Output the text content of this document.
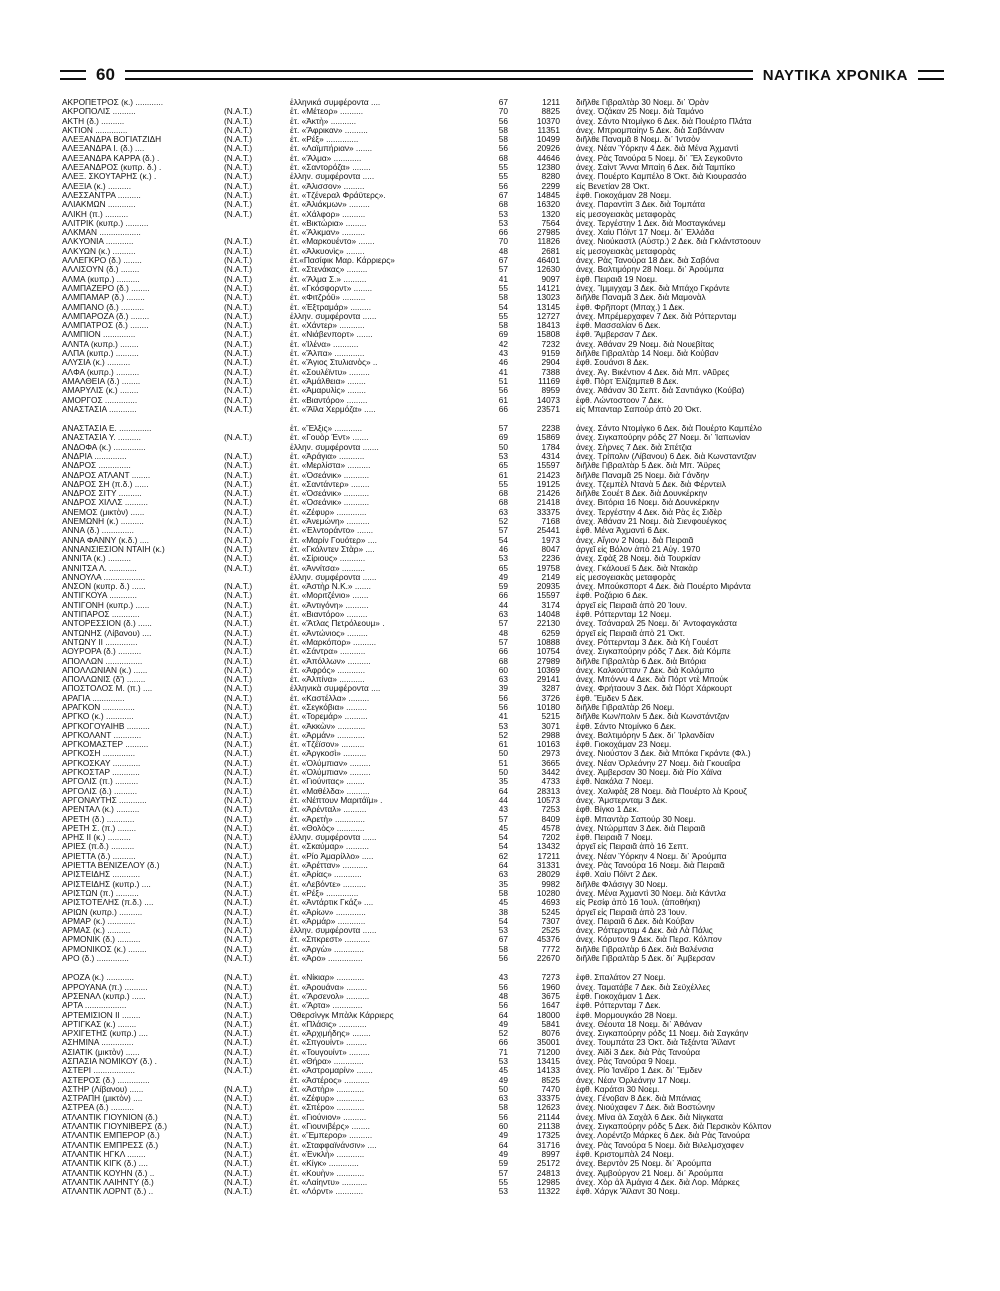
60	ΝΑΥΤΙΚΑ ΧΡΟΝΙΚΑ
ΑΚΡΟΠΕΤΡΟΣ (κ.) ............	ἑλληνικά συμφέροντα ....	67	1211	διῆλθε Γιβραλτὰρ 30 Νοεμ. δι᾽ Ὀρὰν
ΑΚΡΟΠΟΛΙΣ ..........	(Ν.Α.Τ.)	ἐτ. «Μέτεορ» ..........	70	8825	ἀνεχ. Ὀζάκαν 25 Νοεμ. διὰ Ταμάνο
ΑΚΤΗ (δ.) ..........	(Ν.Α.Τ.)	ἐτ. «Ἀκτὴ» ...........	56	10370	ἀνεχ. Σάντο Ντομίγκο 6 Δεκ. διὰ Πουέρτο Πλάτα
ΑΚΤΙΟΝ ..............	(Ν.Α.Τ.)	ἐτ. «Ἄφρικαν» ..........	58	11351	ἀνεχ. Μπριομπαίην 5 Δεκ. διὰ Σαβάνναν
ΑΛΕΞΑΝΔΡΑ ΒΟΓΙΑΤΖΙΔΗ	(Ν.Α.Τ.)	ἐτ. «Ρέξ» ..............	58	10499	διῆλθε Παναμᾶ 8 Νοεμ. δι᾽ Ἰντσὸν
ΑΛΕΞΑΝΔΡΑ Ι. (δ.) ....	(Ν.Α.Τ.)	ἐτ. «Λαϊμπήριαν» .......	56	20926	ἀνεχ. Νέαν Ὑόρκην 4 Δεκ. διὰ Μένα Ἀχμαντὶ
ΑΛΕΞΑΝΔΡΑ ΚΑΡΡΑ (δ.) .	(Ν.Α.Τ.)	ἐτ. «Ἄλμα» ............	68	44646	ἀνεχ. Ρὰς Τανούρα 5 Νοεμ. δι᾽ Ἔλ Σεγκοῦντο
ΑΛΕΞΑΝΔΡΟΣ (κυπρ. δ.) .	(Ν.Α.Τ.)	ἐτ. «Σαντορόζα» ........	55	12380	ἀνεχ. Σαὶντ Ἄννα Μπαὶη 6 Δεκ. διὰ Ταμπίκο
ΑΛΕΞ. ΣΚΟΥΤΑΡΗΣ (κ.) .	(Ν.Α.Τ.)	ἑλλην. συμφέροντα .....	55	8280	ἀνεχ. Πουέρτο Καμπέλο 8 Ὀκτ. διὰ Κιουρασάο
ΑΛΕΞΙΑ (κ.) ..........	(Ν.Α.Τ.)	ἐτ. «Ἀλισσον» .........	56	2299	εἰς Βενετίαν 28 Ὀκτ.
ΑΛΕΣΣΑΝΤΡΑ ..........	(Ν.Α.Τ.)	ἐτ. «Τζένεραλ Φράϋτερς».	67	14845	ἐφθ. Γιοκοχάμαν 28 Νοεμ.
ΑΛΙΑΚΜΩΝ ............	(Ν.Α.Τ.)	ἐτ. «Ἀλιάκμων» .........	68	16320	ἀνεχ. Παραντὶπ 3 Δεκ. διὰ Τομπάτα
ΑΛΙΚΗ (π.) ..........	(Ν.Α.Τ.)	ἐτ. «Χάλφορ» ..........	53	1320	εἰς μεσογειακὰς μεταφορὰς
ΑΛΙΤΡΙΚ (κυπρ.) ..........	ἐτ. «Βικτώρια» .........	53	7564	ἀνεχ. Τεργέστην 1 Δεκ. διὰ Μοσταγκάνεμ
ΑΛΚΜΑΝ ..................	ἐτ. «Ἄλκμαν» ..........	66	27985	ἀνεχ. Χαὶυ Πόϊντ 17 Νοεμ. δι᾽ Ἑλλάδα
ΑΛΚΥΟΝΙΑ ............	(Ν.Α.Τ.)	ἐτ. «Μαρκουέντο» .......	70	11826	ἀνεχ. Νιούκαστλ (Αὐστρ.) 2 Δεκ. διὰ Γκλάντστοουν
ΑΛΚΥΩΝ (κ.) ..........	(Ν.Α.Τ.)	ἐτ. «Ἀλκυονὶς» ........	48	2681	εἰς μεσογειακὰς μεταφορὰς
ΑΛΛΕΓΚΡΟ (δ.) ........	(Ν.Α.Τ.)	ἐτ.«Πασίφικ Μαρ. Κάρριερς»	67	46401	ἀνεχ. Ρὰς Τανούρα 18 Δεκ. διὰ Σαβόνα
ΑΛΛΙΣΟΥΝ (δ.) ........	(Ν.Α.Τ.)	ἐτ. «Στενάκας» .........	57	12630	ἀνεχ. Βαλτιμόρην 28 Νοεμ. δι᾽ Ἀρούμπα
ΑΛΜΑ (κυπρ.) ..........	(Ν.Α.Τ.)	ἐτ. «Ἄλμα Σ.» ..........	41	9097	ἐφθ. Πειραιᾶ 19 Νοεμ.
ΑΛΜΠΑΖΕΡΟ (δ.) ........	(Ν.Α.Τ.)	ἐτ. «Γκόσφορντ» ........	55	14121	ἀνεχ. Ἴμμιγχαμ 3 Δεκ. διὰ Μπάχο Γκράντε
ΑΛΜΠΑΜΑΡ (δ.) ........	(Ν.Α.Τ.)	ἐτ. «Φιτζρόϋ» ..........	58	13023	διῆλθε Παναμᾶ 3 Δεκ. διὰ Μαμονὰλ
ΑΛΜΠΑΝΟ (δ.) ..........	(Ν.Α.Τ.)	ἐτ. «Ἐξτραμάρ» .........	54	13145	ἐφθ. Φρῆπορτ (Μπαχ.) 1 Δεκ.
ΑΛΜΠΑΡΟΖΑ (δ.) ........	(Ν.Α.Τ.)	ἑλλην. συμφέροντα ......	55	12727	ἀνεχ. Μπρέμερχαφεν 7 Δεκ. διὰ Ρόττερνταμ
ΑΛΜΠΑΤΡΟΣ (δ.) ........	(Ν.Α.Τ.)	ἐτ. «Χάντερ» ...........	58	18413	ἐφθ. Μασσαλίαν 6 Δεκ.
ΑΛΜΠΙΟΝ ..............	(Ν.Α.Τ.)	ἐτ. «Νιάβενπορτ» .......	69	15808	ἐφθ. Ἄμβερσαν 7 Δεκ.
ΑΛΝΤΑ (κυπρ.) ........	(Ν.Α.Τ.)	ἐτ. «Ἰλένα» ...........	42	7232	ἀνεχ. Ἀθάναν 29 Νοεμ. διὰ Νουεβίτας
ΑΛΠΑ (κυπρ.) ..........	(Ν.Α.Τ.)	ἐτ. «Ἄλπα» .............	43	9159	διῆλθε Γιβραλτὰρ 14 Νοεμ. διὰ Κούβαν
ΑΛΥΣΙΑ (κ.) ..........	(Ν.Α.Τ.)	ἐτ. «Ἅγιος Στυλιανὸς» ..	46	2904	ἐφθ. Σουάνσι 8 Δεκ.
ΑΛΦΑ (κυπρ.) ..........	(Ν.Α.Τ.)	ἐτ. «Σουλέϊντυ» .........	41	7388	ἀνεχ. Ἁγ. Βικέντιον 4 Δεκ. διὰ Μπ. νΑῦρες
ΑΜΑΛΘΕΙΑ (δ.) ........	(Ν.Α.Τ.)	ἐτ. «Ἀμάλθεια» ........	51	11169	ἐφθ. Πὸρτ Ἐλίζαμπεθ 8 Δεκ.
ΑΜΑΡΥΛΙΣ (κ.) ........	(Ν.Α.Τ.)	ἐτ. «Ἀμαρυλὶς» ........	56	8959	ἀνεχ. Ἀθάναν 30 Σεπτ. διὰ Σαντιάγκο (Κούβα)
ΑΜΟΡΓΟΣ ..............	(Ν.Α.Τ.)	ἐτ. «Βιαντόρο» .........	61	14073	ἐφθ. Λώντοστοον 7 Δεκ.
ΑΝΑΣΤΑΣΙΑ ............	(Ν.Α.Τ.)	ἐτ. «Ἄϊλα Χερμόζα» .....	66	23571	εἰς Μπανταρ Σαπούρ ἀπὸ 20 Ὀκτ.
ΑΝΑΣΤΑΣΙΑ Ε. ..............	ἐτ. «Ἔλξις» ............	57	2238	ἀνεχ. Σάντο Ντομίγκο 6 Δεκ. διὰ Πουέρτο Καμπέλο
ΑΝΑΣΤΑΣΙΑ Υ. ..........	(Ν.Α.Τ.)	ἐτ. «Γουὸρ Έντ» .......	69	15869	ἀνεχ. Σιγκαπούρην ρόδς 27 Νοεμ. δι᾽ Ἰαπωνίαν
ΑΝΔΟΦΑ (κ.) ..............	ἑλλην. συμφέροντα .......	50	1784	ἀνεχ. Σὴρνες 7 Δεκ. διὰ Σπέτζια
ΑΝΔΡΙΑ ..............	(Ν.Α.Τ.)	ἐτ. «Ἀράγια» ...........	53	4314	ἀνεχ. Τρίπολιν (Λίβανου) 6 Δεκ. διὰ Κωνσταντζαν
ΑΝΔΡΟΣ ..............	(Ν.Α.Τ.)	ἐτ. «Μερλίστα» ..........	65	15597	διῆλθε Γιβραλτὰρ 5 Δεκ. διὰ Μπ. Ἄϋρες
ΑΝΔΡΟΣ ΑΤΛΑΝΤ ........	(Ν.Α.Τ.)	ἐτ. «Ὀσεάνικ» ...........	61	21423	διῆλθε Παναμᾶ 25 Νοεμ. διὰ Γάνδην
ΑΝΔΡΟΣ ΣΗ (π.δ.) ......	(Ν.Α.Τ.)	ἐτ. «Σαντάντερ» ........	55	19125	ἀνεχ. Τζεμπὲλ Ντανὰ 5 Δεκ. διὰ Φέρντειλ
ΑΝΔΡΟΣ ΣΙΤΥ ..........	(Ν.Α.Τ.)	ἐτ. «Ὀσεάνικ» ...........	68	21426	διῆλθε Σουέτ 8 Δεκ. διὰ Δουνκέρκην
ΑΝΔΡΟΣ ΧΙΛΛΣ ..........	(Ν.Α.Τ.)	ἐτ. «Ὀσεάνικ» ...........	68	21418	ἀνεχ. Βιτόρια 16 Νοεμ. διὰ Δουνκέρκην
ΑΝΕΜΟΣ (μικτὸν) ......	(Ν.Α.Τ.)	ἐτ. «Ζέφυρ» .............	63	33375	ἀνεχ. Τεργέστην 4 Δεκ. διὰ Ρὰς ἐς Σιδὲρ
ΑΝΕΜΩΝΗ (κ.) ..........	(Ν.Α.Τ.)	ἐτ. «Ἀνεμώνη» ..........	52	7168	ἀνεχ. Ἀθάναν 21 Νοεμ. διὰ Σιενφουέγκος
ΑΝΝΑ (δ.) ..............	(Ν.Α.Τ.)	ἐτ. «Ἐλντοράντο» .......	57	25441	ἐφθ. Μένα Ἀχμαντὶ 6 Δεκ.
ΑΝΝΑ ΦΑΝΝΥ (κ.δ.) ....	(Ν.Α.Τ.)	ἐτ. «Μαρίν Γουότερ» ....	54	1973	ἀνεχ. Αἴγιον 2 Νοεμ. διὰ Πειραιᾶ
ΑΝΝΑΝΣΙΕΣΙΟΝ ΝΤΑΙΗ (κ.)	(Ν.Α.Τ.)	ἐτ. «Γκόλντεν Στὰρ» ....	46	8047	ἀργεῖ εἰς Βόλον ἀπὸ 21 Αὐγ. 1970
ΑΝΝΙΤΑ (κ.) ..........	(Ν.Α.Τ.)	ἐτ. «Σίριους» ...........	53	2236	ἀνεχ. Σφὰξ 28 Νοεμ. διὰ Τουρκίαν
ΑΝΝΙΤΣΑ Λ. ............	(Ν.Α.Τ.)	ἐτ. «Ἀννίτσα» ..........	65	19758	ἀνεχ. Γκάλουεϊ 5 Δεκ. διὰ Ντακὰρ
ΑΝΝΟΥΛΑ ..................	ἑλλην. συμφέροντα ......	49	2149	εἰς μεσογειακὰς μεταφορὰς
ΑΝΣΟΝ (κυπρ. δ.) ......	(Ν.Α.Τ.)	ἐτ. «Ἀστὴρ Ν.Κ.» .......	59	20935	ἀνεχ. Μπούκσπορτ 4 Δεκ. διὰ Πουέρτο Μιράντα
ΑΝΤΙΓΚΟΥΑ ............	(Ν.Α.Τ.)	ἐτ. «Μοριτζένιο» .......	66	15597	ἐφθ. Ροζάριο 6 Δεκ.
ΑΝΤΙΓΟΝΗ (κυπρ.) ......	(Ν.Α.Τ.)	ἐτ. «Ἀντιγόνη» ..........	44	3174	ἀργεῖ εἰς Πειραιᾶ ἀπὸ 20 Ἰουν.
ΑΝΤΙΠΑΡΟΣ ............	(Ν.Α.Τ.)	ἐτ. «Βιαντόρο» .........	63	14048	ἐφθ. Ρόττερνταμ 12 Νοεμ.
ΑΝΤΟΡΕΣΣΙΟΝ (δ.) ......	(Ν.Α.Τ.)	ἐτ. «Ἄτλας Πετρόλεουμ» .	57	22130	ἀνεχ. Τσάναραλ 25 Νοεμ. δι᾽ Ἀντοφαγκάστα
ΑΝΤΩΝΗΣ (Λίβανου) ....	(Ν.Α.Τ.)	ἐτ. «Ἀντώνιος» .........	48	6259	ἀργεῖ εἰς Πειραιᾶ ἀπὸ 21 Ὀκτ.
ΑΝΤΩΝΥ ΙΙ ..............	(Ν.Α.Τ.)	ἐτ. «Μαρκόπορ» ..........	57	10888	ἀνεχ. Ρόττερνταμ 3 Δεκ. διὰ Κὴ Γουέστ
ΑΟΥΡΟΡΑ (δ.) ..........	(Ν.Α.Τ.)	ἐτ. «Σάντρα» ...........	66	10754	ἀνεχ. Σιγκαπούρην ρόδς 7 Δεκ. διὰ Κόμπε
ΑΠΟΛΛΩΝ ................	(Ν.Α.Τ.)	ἐτ. «Ἀπόλλων» ..........	68	27989	διῆλθε Γιβραλτὰρ 6 Δεκ. διὰ Βιτόρια
ΑΠΟΛΛΩΝΙΑΝ (κ.) ......	(Ν.Α.Τ.)	ἐτ. «Ἀφρός» ............	60	10369	ἀνεχ. Καλκούτταν 7 Δεκ. διὰ Κολόμπο
ΑΠΟΛΛΩΝΙΣ (δ') ........	(Ν.Α.Τ.)	ἐτ. «Ἀλπίνα» ...........	63	29141	ἀνεχ. Μπόννυ 4 Δεκ. διὰ Πόρτ ντὲ Μπούκ
ΑΠΟΣΤΟΛΟΣ Μ. (π.) ....	(Ν.Α.Τ.)	ἑλληνικὰ συμφέροντα ....	39	3287	ἀνεχ. Φρήταουν 3 Δεκ. διὰ Πόρτ Χάρκουρτ
ΑΡΑΓΙΑ ..............	(Ν.Α.Τ.)	ἐτ. «Καστέλλα» .........	56	3726	ἐφθ. Ἔμδεν 5 Δεκ.
ΑΡΑΓΚΟΝ ..............	(Ν.Α.Τ.)	ἐτ. «Σεγκόβια» .........	56	10180	διῆλθε Γιβραλτὰρ 26 Νοεμ.
ΑΡΓΚΟ (κ.) ............	(Ν.Α.Τ.)	ἐτ. «Τορεμάρ» ..........	41	5215	διῆλθε Κων/πολιν 5 Δεκ. διὰ Κωνστάντζαν
ΑΡΓΚΟΓΟΥΑΙΗΒ ..........	(Ν.Α.Τ.)	ἐτ. «Ἀκκὼν» ............	53	3071	ἐφθ. Σάντο Ντομίνκο 6 Δεκ.
ΑΡΓΚΟΛΑΝΤ ............	(Ν.Α.Τ.)	ἐτ. «Ἀρμάν» ............	52	2988	ἀνεχ. Βαλτιμόρην 5 Δεκ. δι᾽ Ἰρλανδίαν
ΑΡΓΚΟΜΑΣΤΕΡ ..........	(Ν.Α.Τ.)	ἐτ. «Τζέϊσον» ..........	61	10163	ἐφθ. Γιοκοχάμαν 23 Νοεμ.
ΑΡΓΚΟΣΗ ..............	(Ν.Α.Τ.)	ἐτ. «Ἀργκοσὶ» ..........	50	2973	ἀνεχ. Νιούστον 3 Δεκ. διὰ Μπόκα Γκράντε (Φλ.)
ΑΡΓΚΟΣΚΑΥ ............	(Ν.Α.Τ.)	ἐτ. «Ὀλύμπιαν» .........	51	3665	ἀνεχ. Νέαν Ὀρλεάνην 27 Νοεμ. διὰ Γκουαΐρα
ΑΡΓΚΟΣΤΑΡ ............	(Ν.Α.Τ.)	ἐτ. «Ὀλύμπιαν» .........	50	3442	ἀνεχ. Ἀμβερσαν 30 Νοεμ. διὰ Ρίο Χάϊνα
ΑΡΓΟΛΙΣ (π.) ..........	(Ν.Α.Τ.)	ἐτ. «Γιούνιτας» ........	35	4733	ἐφθ. Νακάλα 7 Νοεμ.
ΑΡΓΟΛΙΣ (δ.) ..........	(Ν.Α.Τ.)	ἐτ. «Μαθέλδα» ..........	64	28313	ἀνεχ. Χαλιφὰξ 28 Νοεμ. διὰ Πουέρτο λὰ Κρουζ
ΑΡΓΟΝΑΥΤΗΣ ............	(Ν.Α.Τ.)	ἐτ. «Νέπτουν Μαριτάϊμ» .	44	10573	ἀνεχ. Ἄμστερνταμ 3 Δεκ.
ΑΡΕΝΤΑΛ (κ.) ..........	(Ν.Α.Τ.)	ἐτ. «Ἀρένταλ» ..........	43	7253	ἐφθ. Βίγκο 1 Δεκ.
ΑΡΕΤΗ (δ.) ............	(Ν.Α.Τ.)	ἐτ. «Ἀρετὴ» .............	57	8409	ἐφθ. Μπαντὰρ Σαπούρ 30 Νοεμ.
ΑΡΕΤΗ Σ. (π.) ........	(Ν.Α.Τ.)	ἐτ. «Θολὸς» ............	45	4578	ἀνεχ. Ντώρμπαν 3 Δεκ. διὰ Πειραιᾶ
ΑΡΗΣ ΙΙ (κ.) ..........	(Ν.Α.Τ.)	ἑλλην. συμφέροντα ......	54	7202	ἐφθ. Πειραιᾶ 7 Νοεμ.
ΑΡΙΕΣ (π.δ.) ..........	(Ν.Α.Τ.)	ἐτ. «Σκαύμαρ» ..........	54	13432	ἀργεῖ εἰς Πειραιᾶ ἀπὸ 16 Σεπτ.
ΑΡΙΕΤΤΑ (δ.) ..........	(Ν.Α.Τ.)	ἐτ. «Ρίο Ἀμαρίλλο» .....	62	17211	ἀνεχ. Νέαν Ὑόρκην 4 Νοεμ. δι᾽ Ἀρούμπα
ΑΡΙΕΤΤΑ ΒΕΝΙΖΕΛΟΥ (δ.)	(Ν.Α.Τ.)	ἐτ. «Ἀρέτταν» ...........	64	31331	ἀνεχ. Ρὰς Τανούρα 16 Νοεμ. διὰ Πειραιᾶ
ΑΡΙΣΤΕΙΔΗΣ ............	(Ν.Α.Τ.)	ἐτ. «Ἀρίας» ............	63	28029	ἐφθ. Χαὶυ Πόϊντ 2 Δεκ.
ΑΡΙΣΤΕΙΔΗΣ (κυπρ.) ....	(Ν.Α.Τ.)	ἐτ. «Λεβόντε» ..........	35	9982	διῆλθε Φλάσιγγ 30 Νοεμ.
ΑΡΙΣΤΩΝ (π.) ..........	(Ν.Α.Τ.)	ἐτ. «Ρέξ» ..............	58	10280	ἀνεχ. Μένα Ἀχμαντὶ 30 Νοεμ. διὰ Κάντλα
ΑΡΙΣΤΟΤΕΛΗΣ (π.δ.) ....	(Ν.Α.Τ.)	ἐτ. «Ἀντάρτικ Γκάζ» ....	45	4693	εἰς Ρεσίφ ἀπὸ 16 Ἰουλ. (ἀποθήκη)
ΑΡΙΩΝ (κυπρ.) ..........	(Ν.Α.Τ.)	ἐτ. «Ἀρίων» .............	38	5245	ἀργεῖ εἰς Πειραιᾶ ἀπὸ 23 Ἰουν.
ΑΡΜΑΡ (κ.) ............	(Ν.Α.Τ.)	ἐτ. «Ἀρμάρ» ............	54	7307	ἀνεχ. Πειραιᾶ 6 Δεκ. διὰ Κούβαν
ΑΡΜΑΣ (κ.) ..........	(Ν.Α.Τ.)	ἑλλην. συμφέροντα ......	53	2525	ἀνεχ. Ρόττερνταμ 4 Δεκ. διὰ Λὰ Πάλις
ΑΡΜΟΝΙΚ (δ.) ..........	(Ν.Α.Τ.)	ἐτ. «Σπκρεστ» ...........	67	45376	ἀνεχ. Κόρυτον 9 Δεκ. διὰ Περσ. Κόλπον
ΑΡΜΟΝΙΚΟΣ (κ.) ........	(Ν.Α.Τ.)	ἐτ. «Ἀργὼ» .............	58	7772	διῆλθε Γιβραλτὰρ 6 Δεκ. διὰ Βαλένσια
ΑΡΟ (δ.) ..............	(Ν.Α.Τ.)	ἐτ. «Ἀρο» ...............	56	22670	διῆλθε Γιβραλτὰρ 5 Δεκ. δι᾽ Ἀμβερσαν
ΑΡΟΖΑ (κ.) ............	(Ν.Α.Τ.)	ἐτ. «Νίκιαρ» ............	43	7273	ἐφθ. Σπαλάτον 27 Νοεμ.
ΑΡΡΟΥΑΝΑ (π.) ..........	(Ν.Α.Τ.)	ἐτ. «Ἀρουάνα» .........	56	1960	ἀνεχ. Ταματάβε 7 Δεκ. διὰ Σεϋχέλλες
ΑΡΣΕΝΑΛ (κυπρ.) ......	(Ν.Α.Τ.)	ἐτ. «Ἄρσενολ» ..........	48	3675	ἐφθ. Γιοκοχάμαν 1 Δεκ.
ΑΡΤΑ ..................	(Ν.Α.Τ.)	ἐτ. «Ἄρτα» .............	56	1647	ἐφθ. Ρόττερνταμ 7 Δεκ.
ΑΡΤΕΜΙΣΙΟΝ ΙΙ ........	(Ν.Α.Τ.)	Ὀθερσὶνγκ Μπὰλκ Κάρριερς	64	18000	ἐφθ. Μορμουγκάο 28 Νοεμ.
ΑΡΤΙΓΚΑΣ (κ.) ........	(Ν.Α.Τ.)	ἐτ. «Πλάσις» ............	49	5841	ἀνεχ. Θέουτα 18 Νοεμ. δι᾽ Ἀθάναν
ΑΡΧΙΓΕΤΗΣ (κυπρ.) ....	(Ν.Α.Τ.)	ἐτ. «Ἀρχιμήδης» ........	52	8076	ἀνεχ. Σιγκαπούρην ρόδς 11 Νοεμ. διὰ Σαγκάην
ΑΣΗΜΙΝΑ ..............	(Ν.Α.Τ.)	ἐτ. «Σπγουίντ» .........	66	35001	ἀνεχ. Τουμπάτα 23 Ὀκτ. διὰ Τεξάντα Ἄϊλαντ
ΑΣΙΑΤΙΚ (μικτὸν) ......	(Ν.Α.Τ.)	ἐτ. «Τουγουίντ» .........	71	71200	ἀνεχ. Ἀϊδὶ 3 Δεκ. διὰ Ρὰς Τανούρα
ΑΣΠΑΣΙΑ ΝΟΜΙΚΟΥ (δ.) .	(Ν.Α.Τ.)	ἐτ. «Θήρα» .............	53	13415	ἀνεχ. Ρὰς Τανούρα 9 Νοεμ.
ΑΣΤΕΡΙ ..................	(Ν.Α.Τ.)	ἐτ. «Ἀστρομαρίν» .......	45	14133	ἀνεχ. Ρίο Ἰανέϊρο 1 Δεκ. δι᾽ Ἔμδεν
ΑΣΤΕΡΟΣ (δ.) ..............	ἐτ. «Ἀστέρος» ...........	49	8525	ἀνεχ. Νέαν Ὀρλεάνην 17 Νοεμ.
ΑΣΤΗΡ (Λίβανου) ......	(Ν.Α.Τ.)	ἐτ. «Ἀστὴρ» ............	50	7470	ἐφθ. Καράτσι 30 Νοεμ.
ΑΣΤΡΑΠΗ (μικτὸν) ....	(Ν.Α.Τ.)	ἐτ. «Ζέφυρ» ............	63	33375	ἀνεχ. Γένοβαν 8 Δεκ. διὰ Μπάνιας
ΑΣΤΡΕΑ (δ.) ..........	(Ν.Α.Τ.)	ἐτ. «Σπέρο» ............	58	12623	ἀνεχ. Νιούχαφεν 7 Δεκ. διὰ Βοστώνην
ΑΤΛΑΝΤΙΚ ΓΙΟΥΝΙΟΝ (δ.)	(Ν.Α.Τ.)	ἐτ. «Γιούνιον» ..........	56	21144	ἀνεχ. Μίνα ἀλ Σαχὰλ 6 Δεκ. διὰ Νίιγκατα
ΑΤΛΑΝΤΙΚ ΓΙΟΥΝΙΒΕΡΣ (δ.)	(Ν.Α.Τ.)	ἐτ. «Γιουνιβέρς» ........	60	21138	ἀνεχ. Σιγκαπούρην ρόδς 5 Δεκ. διὰ Περσικὸν Κόλπον
ΑΤΛΑΝΤΙΚ ΕΜΠΕΡΟΡ (δ.)	(Ν.Α.Τ.)	ἐτ. «Ἔμπερορ» ..........	49	17325	ἀνεχ. Λορέντζο Μάρκες 6 Δεκ. διὰ Ρὰς Τανούρα
ΑΤΛΑΝΤΙΚ ΕΜΠΡΕΣΣ (δ.)	(Ν.Α.Τ.)	ἐτ. «Σταφφαϊνάνσιν» ....	64	31716	ἀνεχ. Ρὰς Τανούρα 5 Νοεμ. διὰ Βιλελμσχαφεν
ΑΤΛΑΝΤΙΚ ΗΓΚΛ ........	(Ν.Α.Τ.)	ἐτ. «Ἐνκλὴ» ............	49	8997	ἐφθ. Κριστομπὰλ 24 Νοεμ.
ΑΤΛΑΝΤΙΚ ΚΙΓΚ (δ.) ....	(Ν.Α.Τ.)	ἐτ. «Κίγκ» .............	59	25172	ἀνεχ. Βερντὸν 25 Νοεμ. δι᾽ Ἀρούμπα
ΑΤΛΑΝΤΙΚ ΚΟΥΗΝ (δ.) ..	(Ν.Α.Τ.)	ἐτ. «Κουὴν» ............	57	24813	ἀνεχ. Ἀμβούργον 21 Νοεμ. δι᾽ Ἀρούμπα
ΑΤΛΑΝΤΙΚ ΛΑΙΗΝΤΥ (δ.)	(Ν.Α.Τ.)	ἐτ. «Λαίηντυ» ...........	55	12985	ἀνεχ. Χὸρ ἀλ Ἀμάγια 4 Δεκ. διὰ Λορ. Μάρκες
ΑΤΛΑΝΤΙΚ ΛΟΡΝΤ (δ.) ..	(Ν.Α.Τ.)	ἐτ. «Λόρντ» ............	53	11322	ἐφθ. Χάργκ Ἄϊλαντ 30 Νοεμ.
